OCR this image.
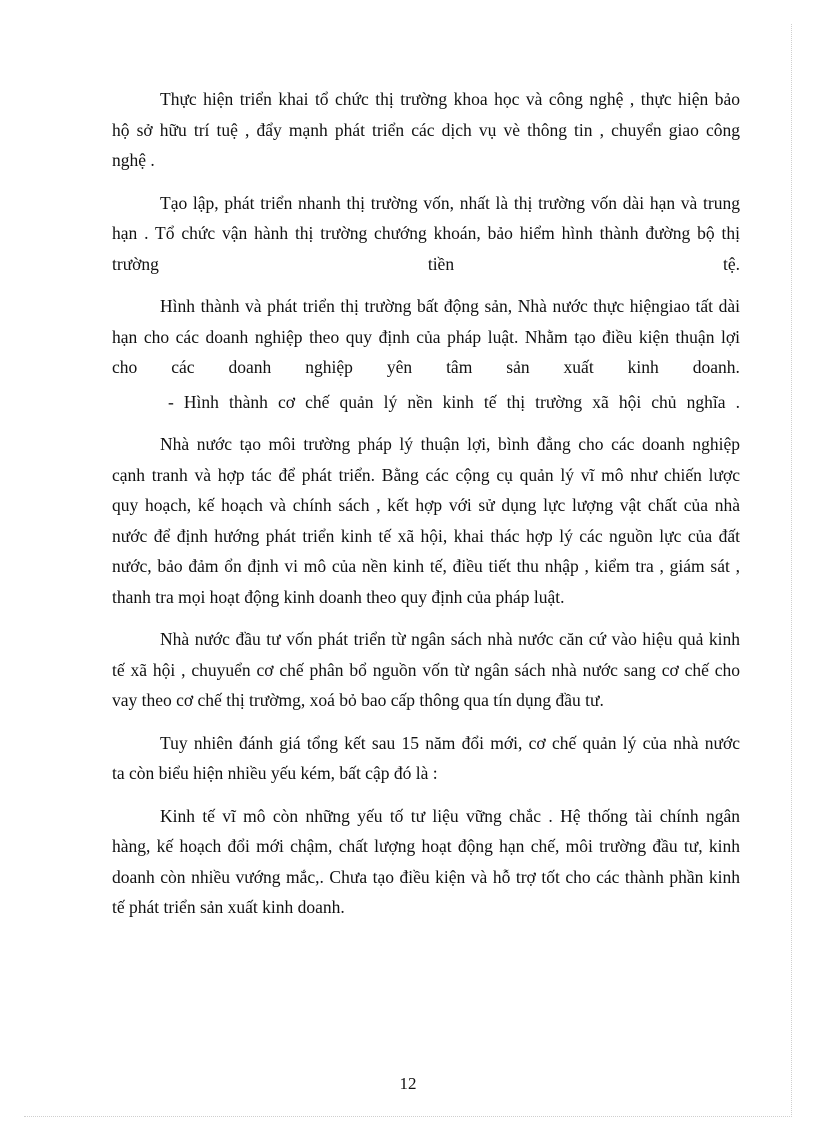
Thực hiện triển khai tổ chức thị trường khoa học và công nghệ , thực hiện bảo
hộ sở hữu trí tuệ , đẩy mạnh phát triển các dịch vụ vè thông tin , chuyển giao công
nghệ .

Tạo lập, phát triển nhanh thị trường vốn, nhất là thị trường vốn dài hạn và trung
hạn . Tổ chức vận hành thị trường chướng khoán, bảo hiểm hình thành đường bộ thị
trường	tiền	tệ.

Hình thành và phát triển thị trường bất động sản, Nhà nước thực hiệngiao tất dài
hạn cho các doanh nghiệp theo quy định của pháp luật. Nhằm tạo điều kiện thuận lợi
cho các doanh nghiệp yên tâm sản xuất kinh doanh.

- Hình thành cơ chế quản lý nền kinh tế thị trường xã hội chủ nghĩa .

Nhà nước tạo môi trường pháp lý thuận lợi, bình đẳng cho các doanh nghiệp
cạnh tranh và hợp tác để phát triển. Bằng các cộng cụ quản lý vĩ mô như chiến lược
quy hoạch, kế hoạch và chính sách , kết hợp với sử dụng lực lượng vật chất của nhà
nước để định hướng phát triển kinh tế xã hội, khai thác hợp lý các nguồn lực của đất
nước, bảo đảm ổn định vi mô của nền kinh tế, điều tiết thu nhập , kiểm tra , giám sát ,
thanh tra mọi hoạt động kinh doanh theo quy định của pháp luật.

Nhà nước đầu tư vốn phát triển từ ngân sách nhà nước căn cứ vào hiệu quả kinh
tế xã hội , chuyuển cơ chế phân bổ nguồn vốn từ ngân sách nhà nước sang cơ chế cho
vay theo cơ chế thị trườmg, xoá bỏ bao cấp thông qua tín dụng đầu tư.

Tuy nhiên đánh giá tổng kết sau 15 năm đổi mới, cơ chế quản lý của nhà nước
ta còn biểu hiện nhiều yếu kém, bất cập đó là :

Kinh tế vĩ mô còn những yếu tố tư liệu vững chắc . Hệ thống tài chính ngân
hàng, kế hoạch đổi mới chậm, chất lượng hoạt động hạn chế, môi trường đầu tư, kinh
doanh còn nhiều vướng mắc,. Chưa tạo điều kiện và hỗ trợ tốt cho các thành phần kinh
tế phát triển sản xuất kinh doanh.

12
